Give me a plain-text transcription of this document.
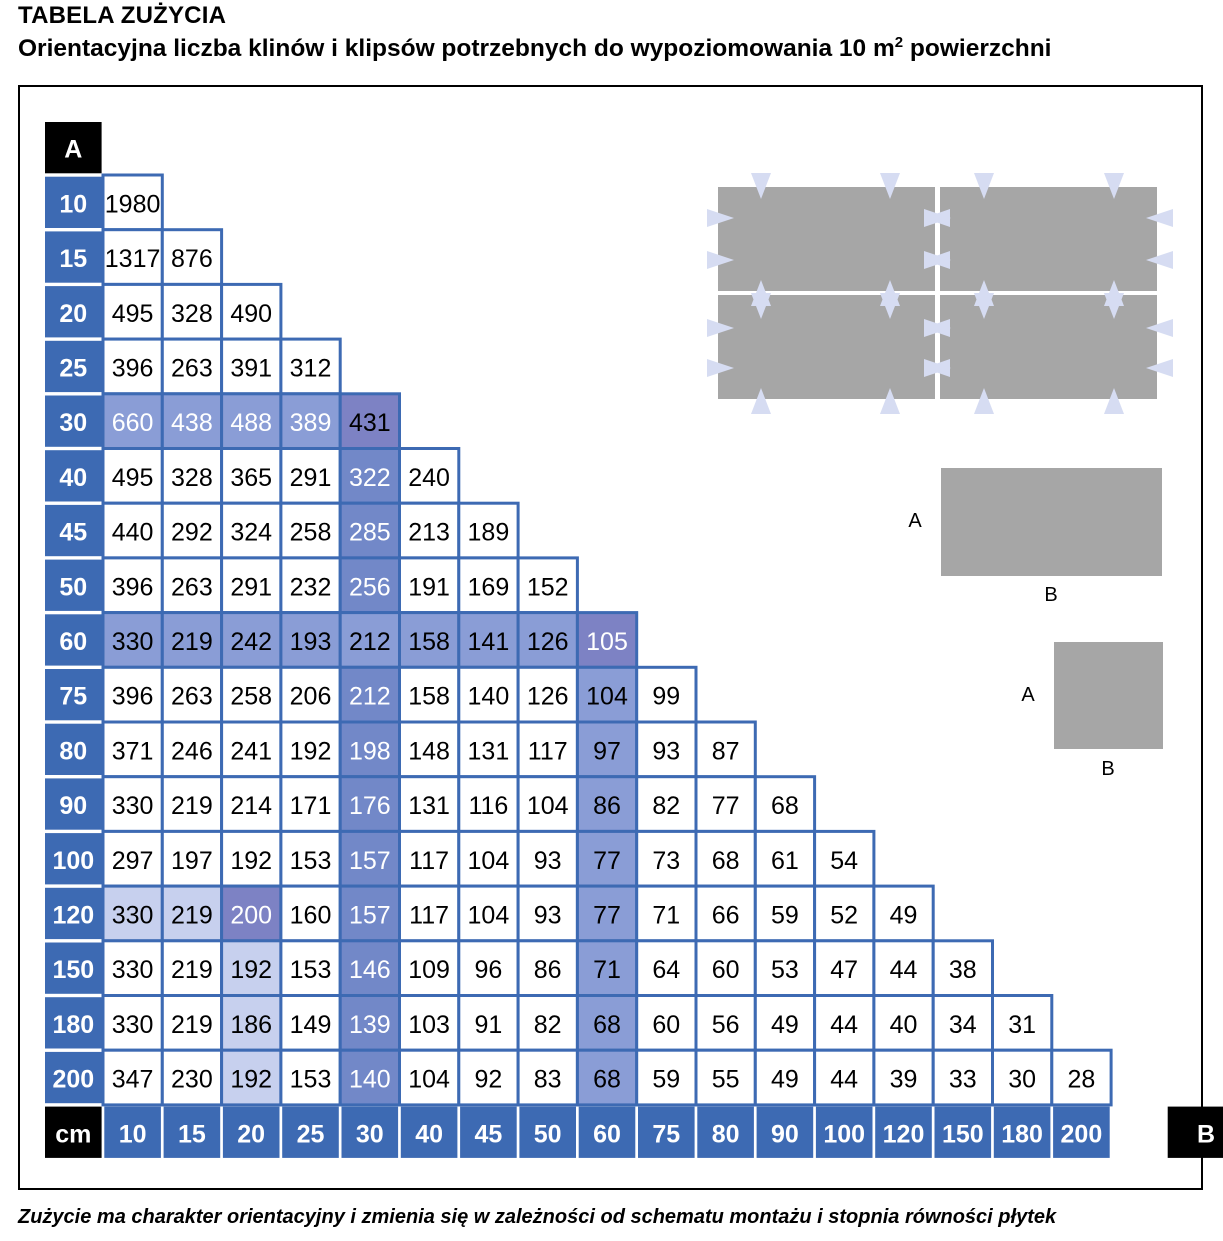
TABELA ZUŻYCIA
Orientacyjna liczba klinów i klipsów potrzebnych do wypoziomowania 10 $m^2$ powierzchni
A
cm	B
10
15
20
25
30
40
45
50
60
75
80
90
100
120
150
180
200
10 15 20 25 30 40 45 50 60 75 80 90 100 120 150 180 200
1980
1317 876
495 328 490
396 263 391 312
660 438 488 389 431
495 328 365 291 322 240
440 292 324 258 285 213 189
396 263 291 232 256 191 169 152
330 219 242 193 212 158 141 126 105
396 263 258 206 212 158 140 126 104 99
371 246 241 192 198 148 131 117 97 93 87
330 219 214 171 176 131 116 104 86 82 77 68
297 197 192 153 157 117 104 93 77 73 68 61 54
330 219 200 160 157 117 104 93 77 71 66 59 52 49
330 219 192 153 146 109 96 86 71 64 60 53 47 44 38
330 219 186 149 139 103 91 82 68 60 56 49 44 40 34 31
347 230 192 153 140 104 92 83 68 59 55 49 44 39 33 30 28
A
B
A
B
Zużycie ma charakter orientacyjny i zmienia się w zależności od schematu montażu i stopnia równości płytek
